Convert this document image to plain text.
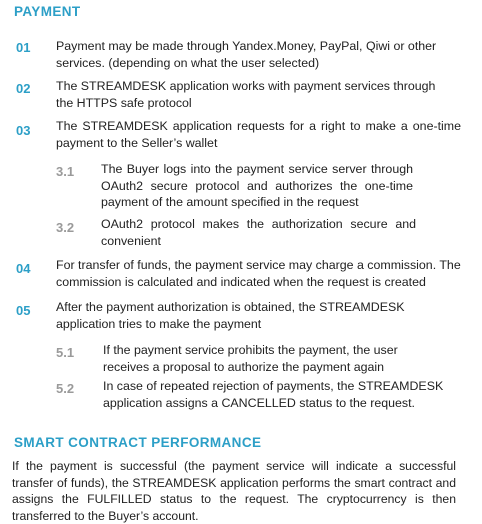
PAYMENT
01 Payment may be made through Yandex.Money, PayPal, Qiwi or other services. (depending on what the user selected)
02 The STREAMDESK application works with payment services through the HTTPS safe protocol
03 The STREAMDESK application requests for a right to make a one-time payment to the Seller’s wallet
3.1 The Buyer logs into the payment service server through OAuth2 secure protocol and authorizes the one-time payment of the amount specified in the request
3.2 OAuth2 protocol makes the authorization secure and convenient
04 For transfer of funds, the payment service may charge a commission. The commission is calculated and indicated when the request is created
05 After the payment authorization is obtained, the STREAMDESK application tries to make the payment
5.1 If the payment service prohibits the payment, the user receives a proposal to authorize the payment again
5.2 In case of repeated rejection of payments, the STREAMDESK application assigns a CANCELLED status to the request.
SMART CONTRACT PERFORMANCE
If the payment is successful (the payment service will indicate a successful transfer of funds), the STREAMDESK application performs the smart contract and assigns the FULFILLED status to the request. The cryptocurrency is then transferred to the Buyer’s account.
